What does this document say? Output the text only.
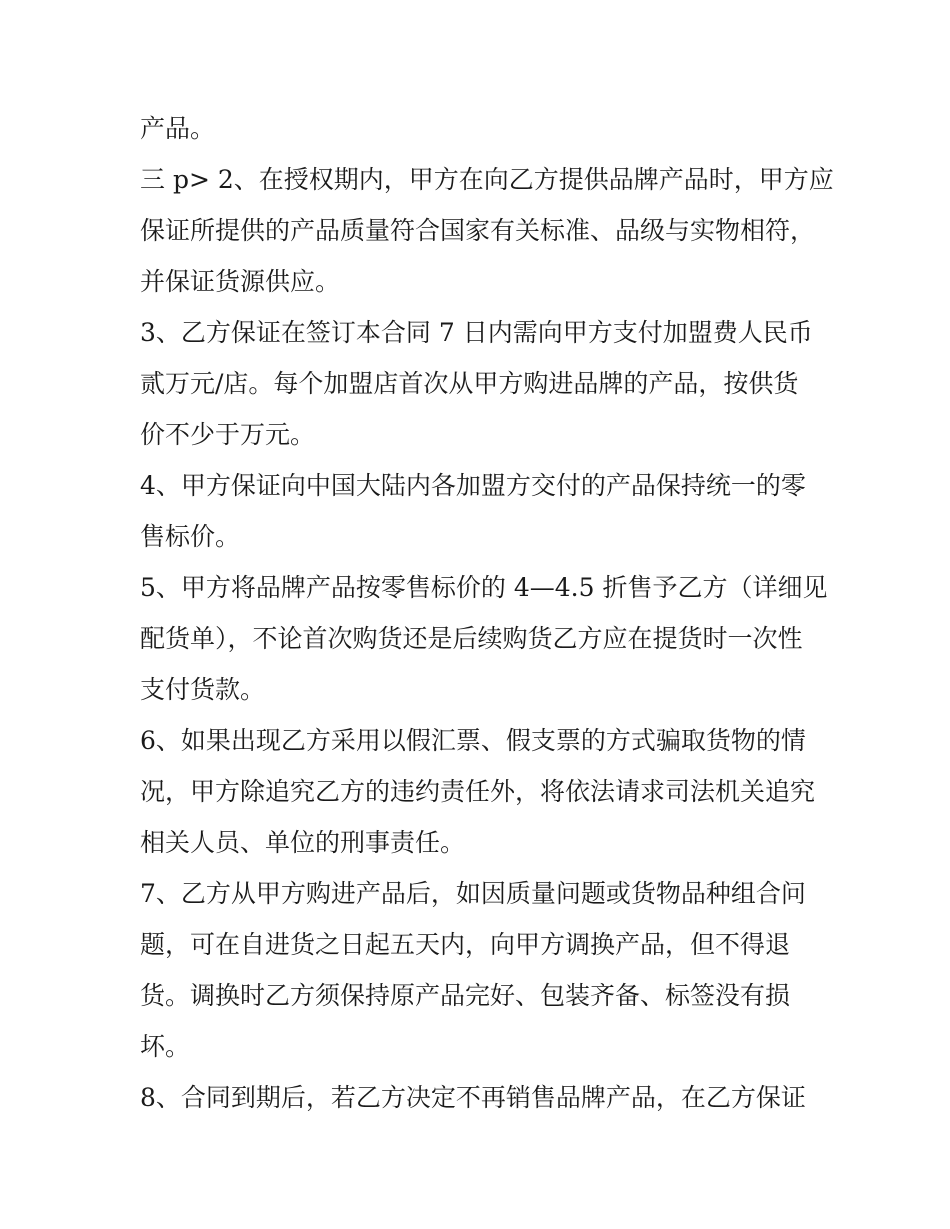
产品。
三 p> 2、在授权期内，甲方在向乙方提供品牌产品时，甲方应
保证所提供的产品质量符合国家有关标准、品级与实物相符，
并保证货源供应。
3、乙方保证在签订本合同 7 日内需向甲方支付加盟费人民币
贰万元/店。每个加盟店首次从甲方购进品牌的产品，按供货
价不少于万元。
4、甲方保证向中国大陆内各加盟方交付的产品保持统一的零
售标价。
5、甲方将品牌产品按零售标价的 4—4.5 折售予乙方（详细见
配货单），不论首次购货还是后续购货乙方应在提货时一次性
支付货款。
6、如果出现乙方采用以假汇票、假支票的方式骗取货物的情
况，甲方除追究乙方的违约责任外，将依法请求司法机关追究
相关人员、单位的刑事责任。
7、乙方从甲方购进产品后，如因质量问题或货物品种组合问
题，可在自进货之日起五天内，向甲方调换产品，但不得退
货。调换时乙方须保持原产品完好、包装齐备、标签没有损
坏。
8、合同到期后，若乙方决定不再销售品牌产品，在乙方保证
